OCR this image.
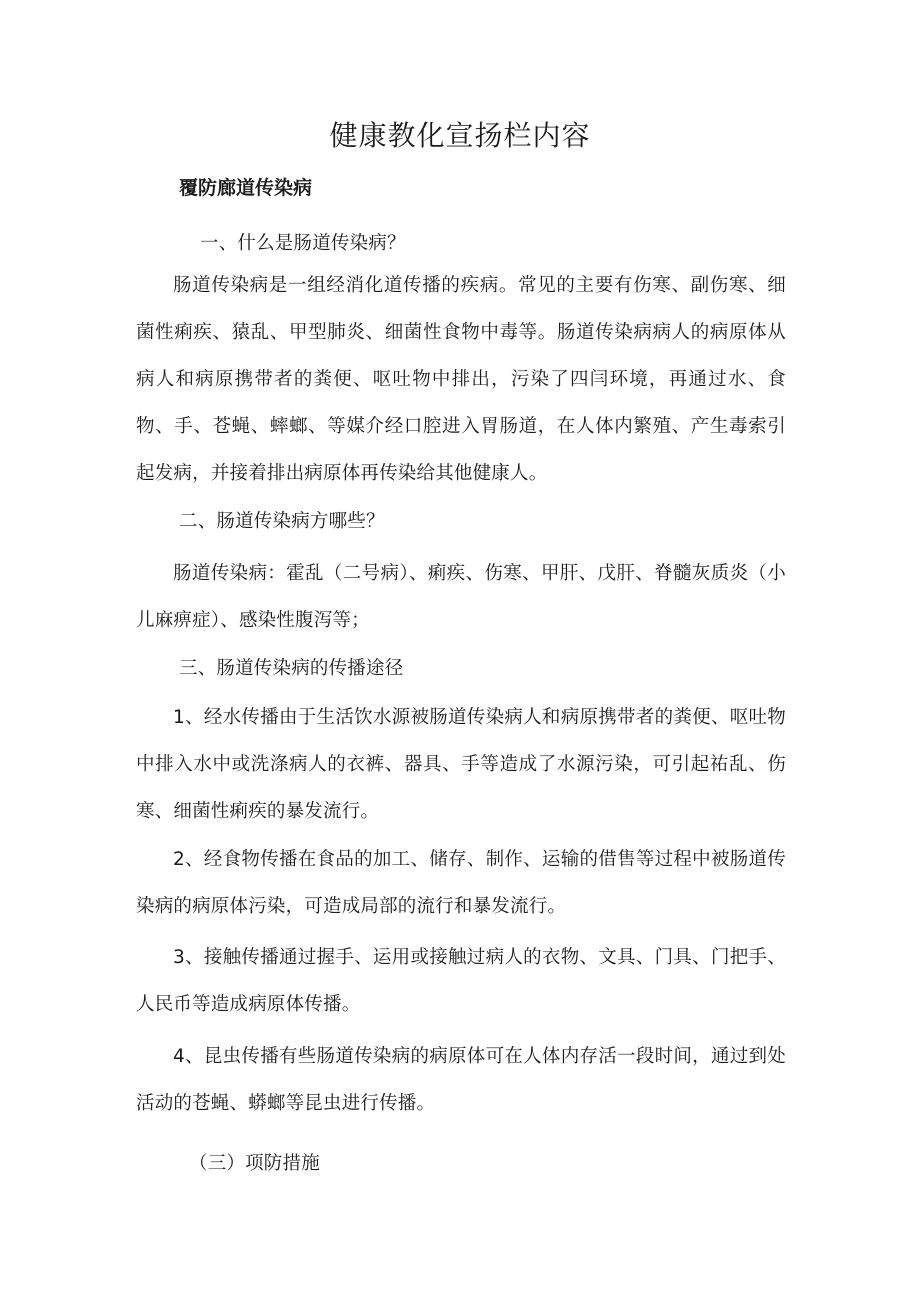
健康教化宣扬栏内容
覆防廊道传染病

一、什么是肠道传染病？

肠道传染病是一组经消化道传播的疾病。常见的主要有伤寒、副伤寒、细菌性痢疾、猿乱、甲型肺炎、细菌性食物中毒等。肠道传染病病人的病原体从病人和病原携带者的粪便、呕吐物中排出，污染了四闫环境，再通过水、食物、手、苍蝇、蟀螂、等媒介经口腔进入胃肠道，在人体内繁殖、产生毒索引起发病，并接着排出病原体再传染给其他健康人。

二、肠道传染病方哪些？

肠道传染病：霍乱（二号病）、痢疾、伤寒、甲肝、戊肝、脊髓灰质炎（小儿麻痹症）、感染性腹泻等；

三、肠道传染病的传播途径

1、经水传播由于生活饮水源被肠道传染病人和病原携带者的粪便、呕吐物中排入水中或洗涤病人的衣裤、器具、手等造成了水源污染，可引起祐乱、伤寒、细菌性痢疾的暴发流行。

2、经食物传播在食品的加工、储存、制作、运输的借售等过程中被肠道传染病的病原体污染，可造成局部的流行和暴发流行。

3、接触传播通过握手、运用或接触过病人的衣物、文具、门具、门把手、人民币等造成病原体传播。

4、昆虫传播有些肠道传染病的病原体可在人体内存活一段时间，通过到处活动的苍蝇、蟒螂等昆虫进行传播。

（三）项防措施
